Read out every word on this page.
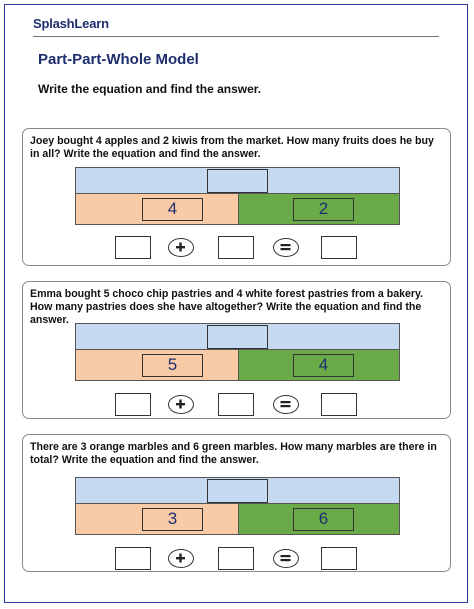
SplashLearn
Part-Part-Whole Model
Write the equation and find the answer.
Joey bought 4 apples and 2 kiwis from the market. How many fruits does he buy in all? Write the equation and find the answer.
4	2
Emma bought 5 choco chip pastries and 4 white forest pastries from a bakery. How many pastries does she have altogether? Write the equation and find the answer.
5	4
There are 3 orange marbles and 6 green marbles. How many marbles are there in total? Write the equation and find the answer.
3	6
